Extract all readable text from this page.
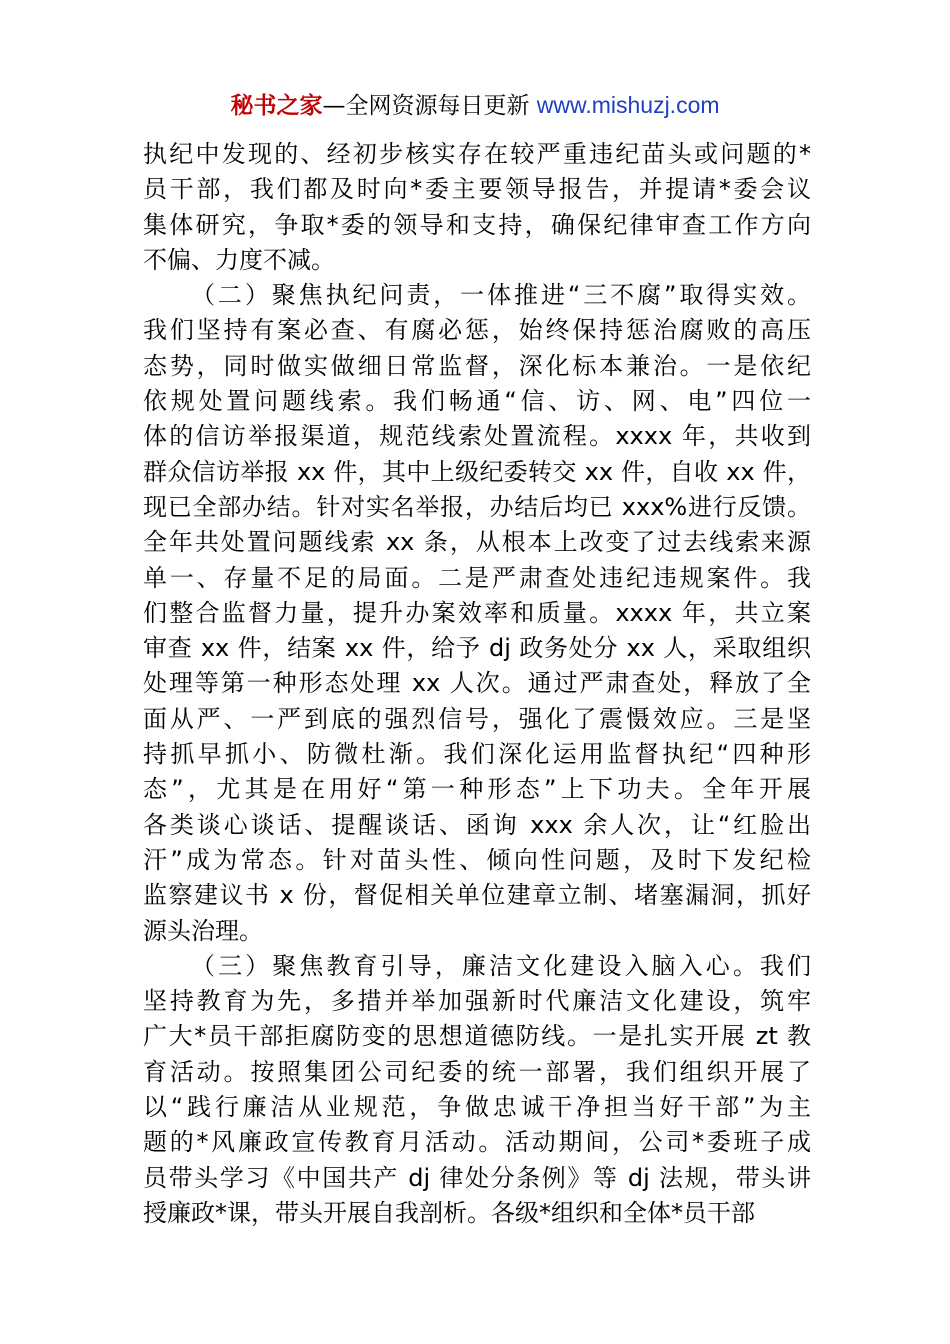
秘书之家—全网资源每日更新 www.mishuzj.com
执纪中发现的、经初步核实存在较严重违纪苗头或问题的*
员干部，我们都及时向*委主要领导报告，并提请*委会议
集体研究，争取*委的领导和支持，确保纪律审查工作方向
不偏、力度不减。
（二）聚焦执纪问责，一体推进“三不腐”取得实效。
我们坚持有案必查、有腐必惩，始终保持惩治腐败的高压
态势，同时做实做细日常监督，深化标本兼治。一是依纪
依规处置问题线索。我们畅通“信、访、网、电”四位一
体的信访举报渠道，规范线索处置流程。xxxx 年，共收到
群众信访举报 xx 件，其中上级纪委转交 xx 件，自收 xx 件，
现已全部办结。针对实名举报，办结后均已 xxx%进行反馈。
全年共处置问题线索 xx 条，从根本上改变了过去线索来源
单一、存量不足的局面。二是严肃查处违纪违规案件。我
们整合监督力量，提升办案效率和质量。xxxx 年，共立案
审查 xx 件，结案 xx 件，给予 dj 政务处分 xx 人，采取组织
处理等第一种形态处理 xx 人次。通过严肃查处，释放了全
面从严、一严到底的强烈信号，强化了震慑效应。三是坚
持抓早抓小、防微杜渐。我们深化运用监督执纪“四种形
态”，尤其是在用好“第一种形态”上下功夫。全年开展
各类谈心谈话、提醒谈话、函询 xxx 余人次，让“红脸出
汗”成为常态。针对苗头性、倾向性问题，及时下发纪检
监察建议书 x 份，督促相关单位建章立制、堵塞漏洞，抓好
源头治理。
（三）聚焦教育引导，廉洁文化建设入脑入心。我们
坚持教育为先，多措并举加强新时代廉洁文化建设，筑牢
广大*员干部拒腐防变的思想道德防线。一是扎实开展 zt 教
育活动。按照集团公司纪委的统一部署，我们组织开展了
以“践行廉洁从业规范，争做忠诚干净担当好干部”为主
题的*风廉政宣传教育月活动。活动期间，公司*委班子成
员带头学习《中国共产 dj 律处分条例》等 dj 法规，带头讲
授廉政*课，带头开展自我剖析。各级*组织和全体*员干部
